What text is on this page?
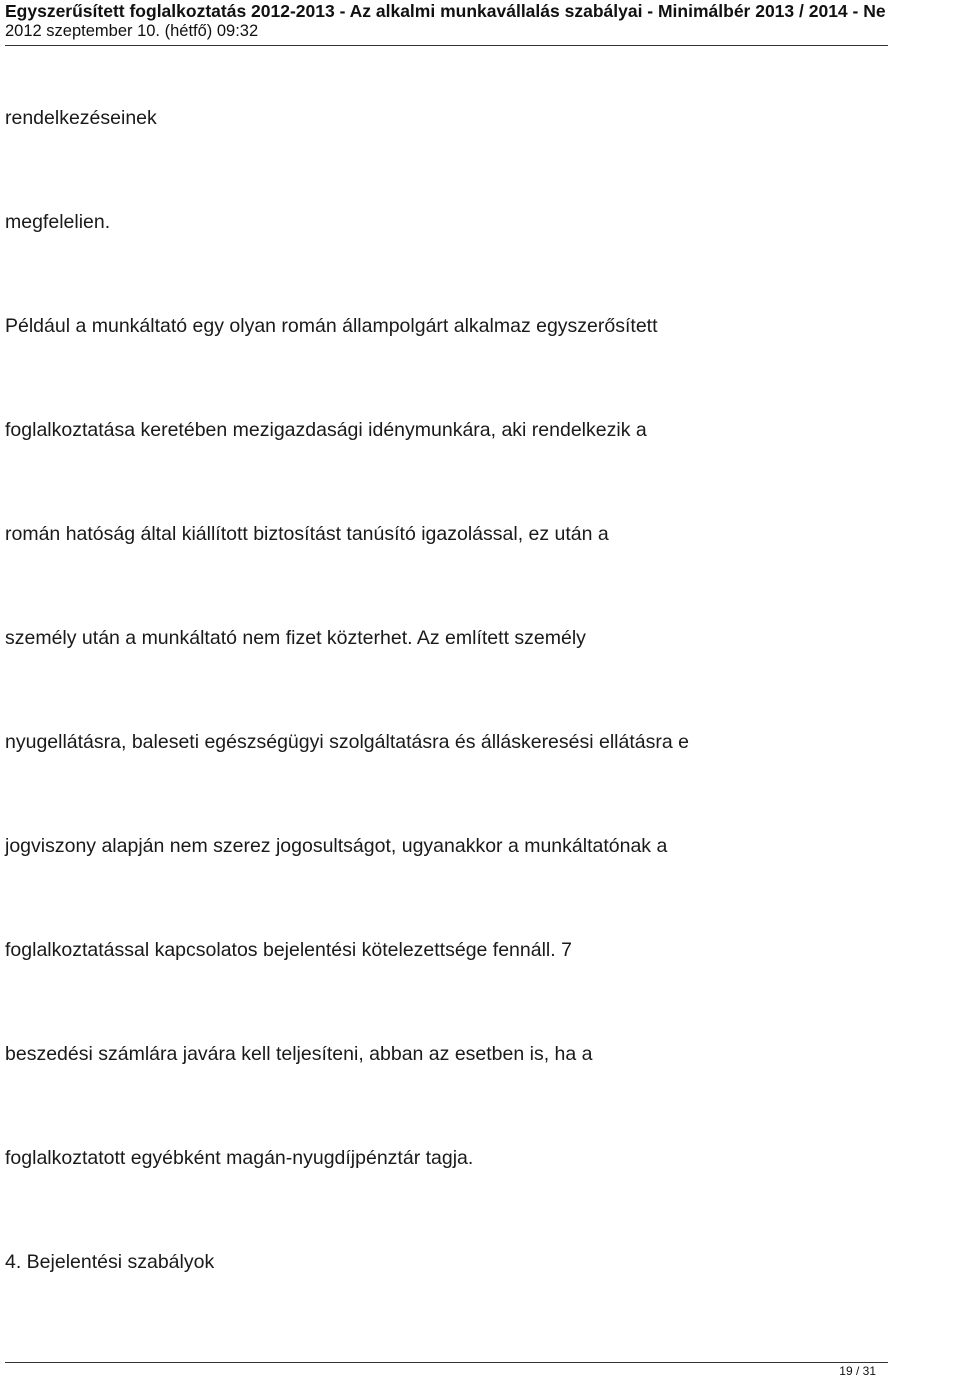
Egyszerűsített foglalkoztatás 2012-2013 - Az alkalmi munkavállalás szabályai - Minimálbér 2013 / 2014 - Ne
2012 szeptember 10. (hétfő) 09:32
rendelkezéseinek
megfelelien.
Például a munkáltató egy olyan román állampolgárt alkalmaz egyszerősített
foglalkoztatása keretében mezigazdasági idénymunkára, aki rendelkezik a
román hatóság által kiállított biztosítást tanúsító igazolással, ez után a
személy után a munkáltató nem fizet közterhet. Az említett személy
nyugellátásra, baleseti egészségügyi szolgáltatásra és álláskeresési ellátásra e
jogviszony alapján nem szerez jogosultságot, ugyanakkor a munkáltatónak a
foglalkoztatással kapcsolatos bejelentési kötelezettsége fennáll. 7
beszedési számlára javára kell teljesíteni, abban az esetben is, ha a
foglalkoztatott egyébként magán-nyugdíjpénztár tagja.
4. Bejelentési szabályok
19 / 31
